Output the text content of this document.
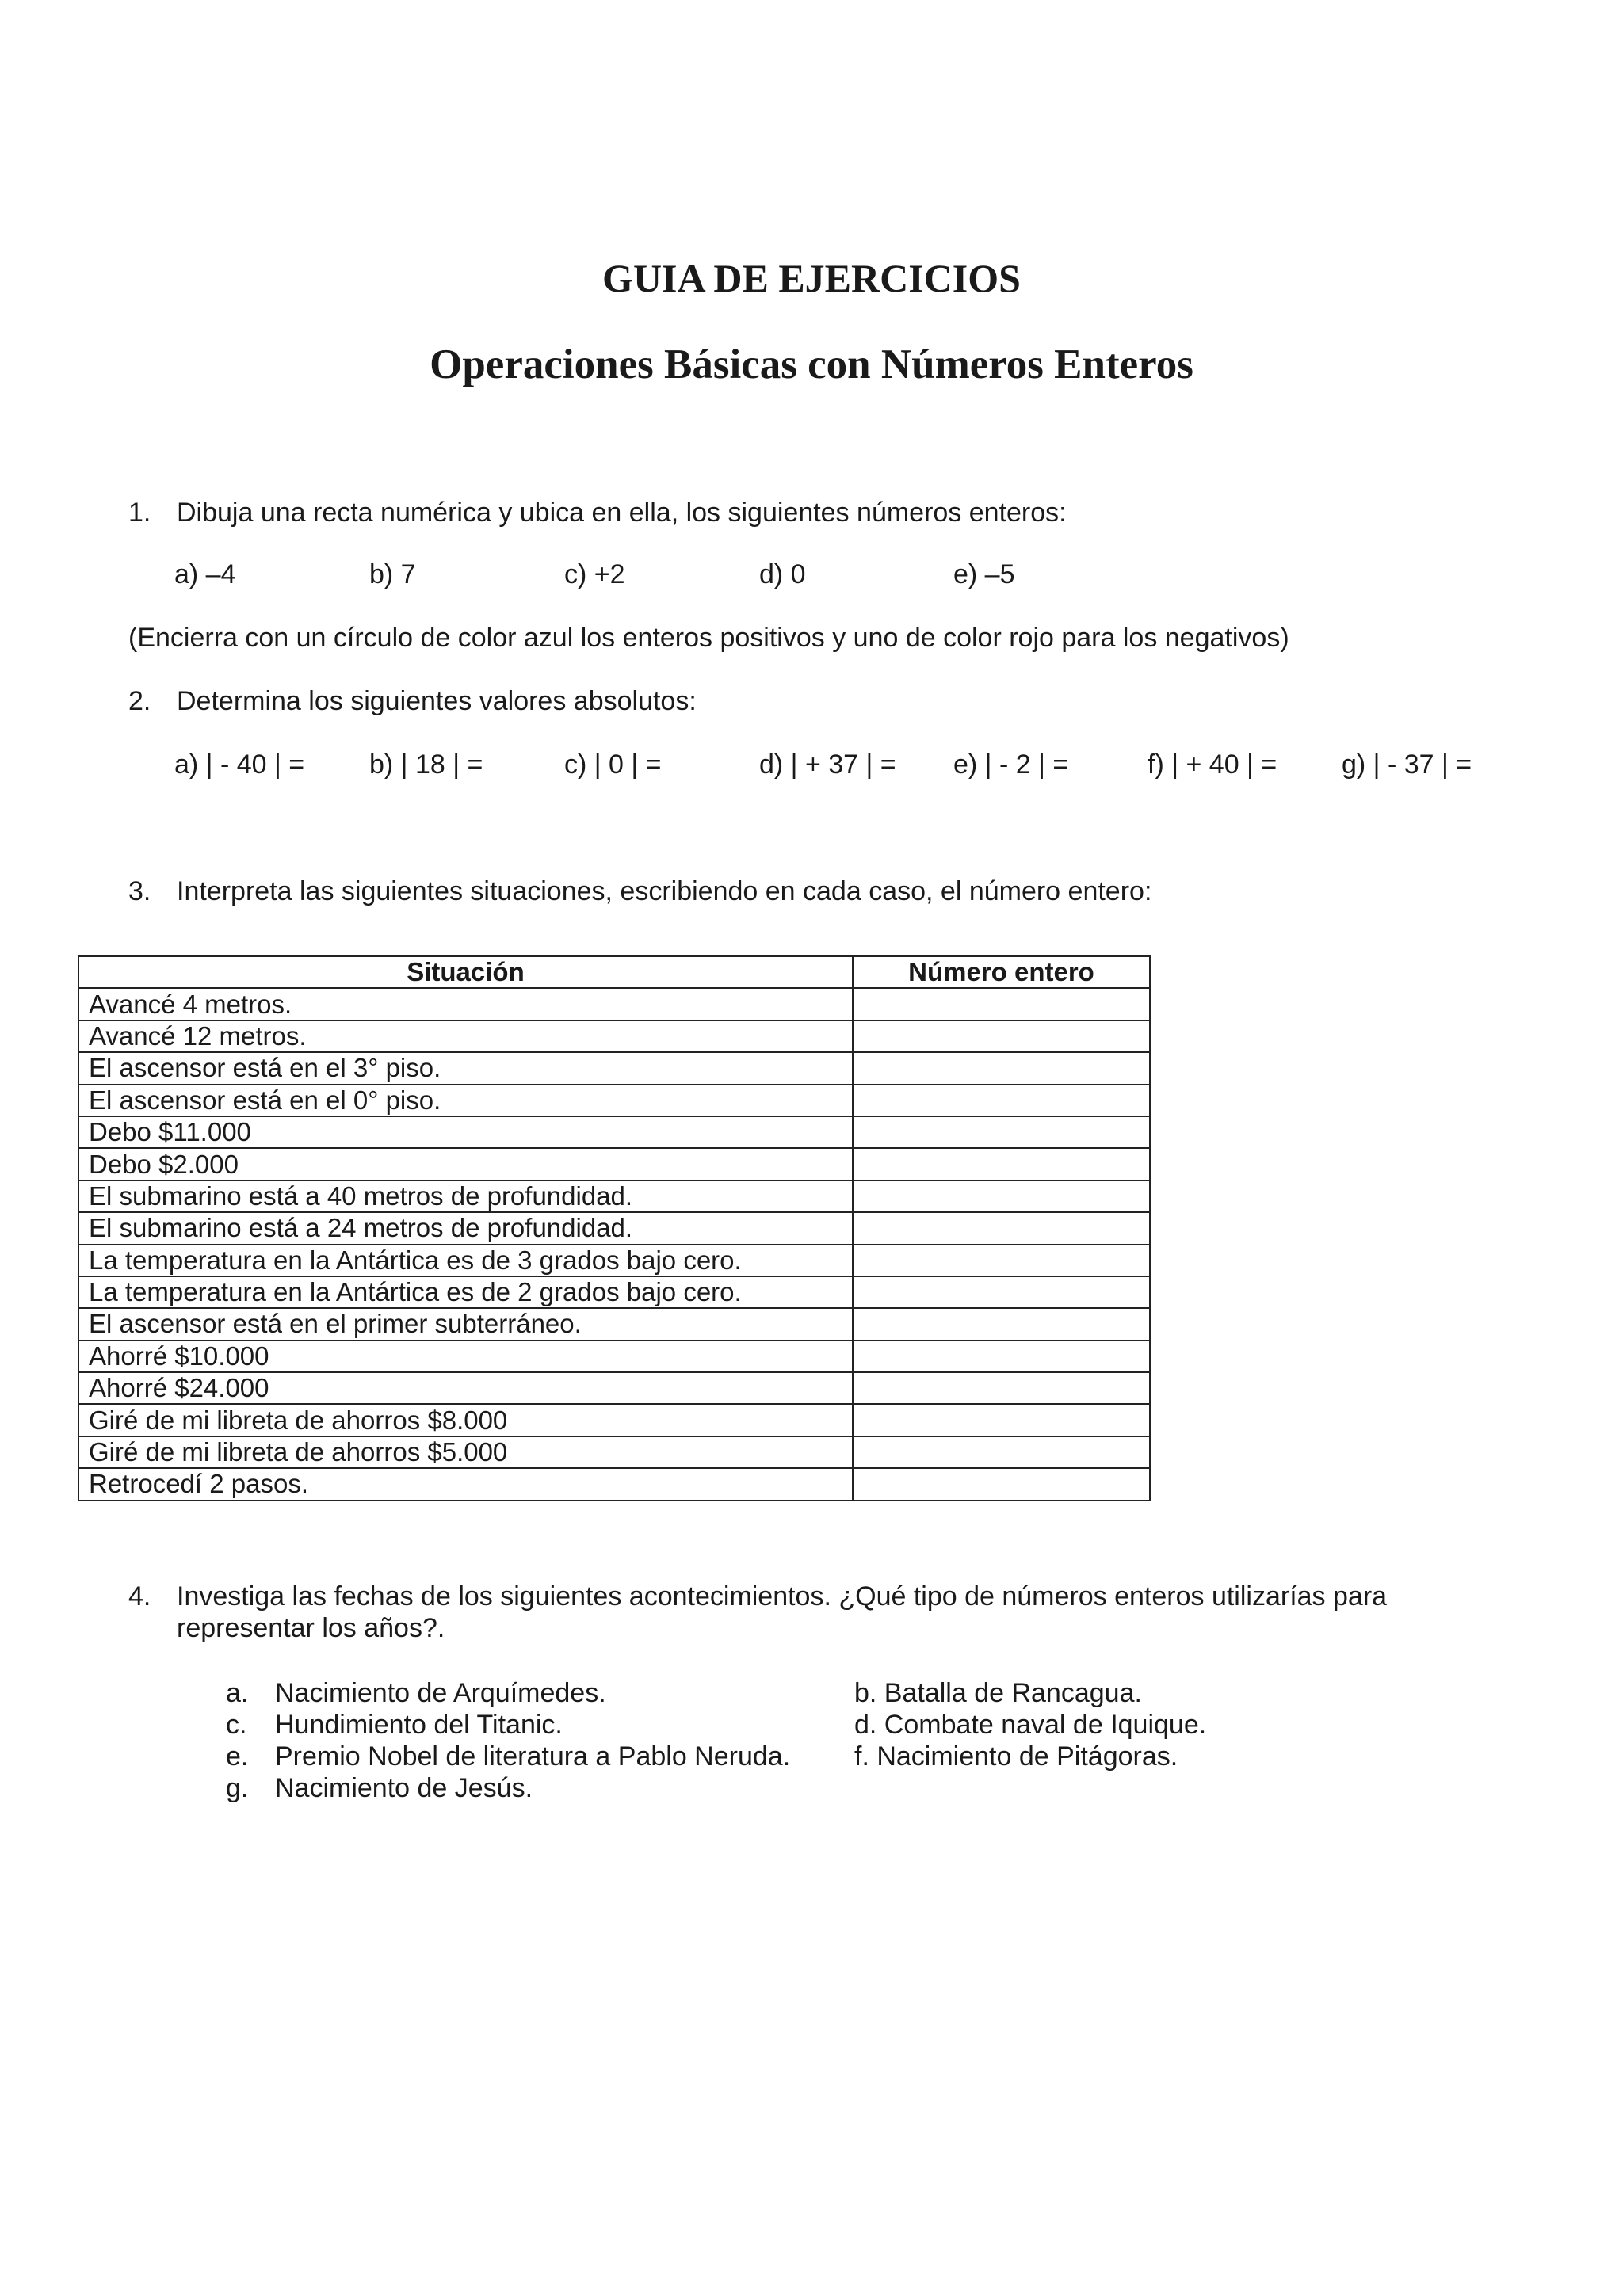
GUIA DE EJERCICIOS
Operaciones Básicas con Números Enteros
1. Dibuja una recta numérica y ubica en ella, los siguientes números enteros:
a) –4	b) 7	c) +2	d) 0	e) –5
(Encierra con un círculo de color azul los enteros positivos y uno de color rojo para los negativos)
2. Determina los siguientes valores absolutos:
a) | - 40 | = b) | 18 | =	c) | 0 | =	d) | + 37 | = e) | - 2 | =	f) | + 40 | = g) | - 37 | =
3. Interpreta las siguientes situaciones, escribiendo en cada caso, el número entero:
Situación	Número entero
Avancé 4 metros.	
Avancé 12 metros.	
El ascensor está en el 3° piso.	
El ascensor está en el 0° piso.	
Debo $11.000	
Debo $2.000	
El submarino está a 40 metros de profundidad.	
El submarino está a 24 metros de profundidad.	
La temperatura en la Antártica es de 3 grados bajo cero.	
La temperatura en la Antártica es de 2 grados bajo cero.	
El ascensor está en el primer subterráneo.	
Ahorré $10.000	
Ahorré $24.000	
Giré de mi libreta de ahorros $8.000	
Giré de mi libreta de ahorros $5.000	
Retrocedí 2 pasos.	
4. Investiga las fechas de los siguientes acontecimientos. ¿Qué tipo de números enteros utilizarías para
representar los años?.
a. Nacimiento de Arquímedes.
c. Hundimiento del Titanic.
e. Premio Nobel de literatura a Pablo Neruda.
g. Nacimiento de Jesús.
b. Batalla de Rancagua.
d. Combate naval de Iquique.
f. Nacimiento de Pitágoras.
